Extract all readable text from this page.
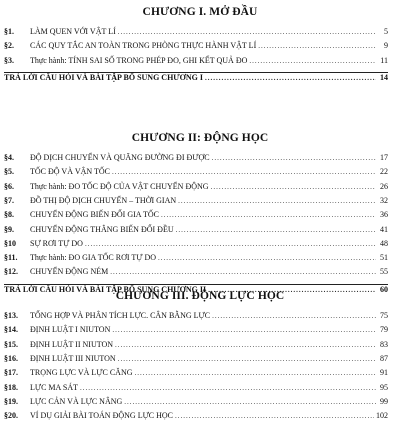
CHƯƠNG I. MỞ ĐẦU
§1.	LÀM QUEN VỚI VẬT LÍ .....	5
§2.	CÁC QUY TẮC AN TOÀN TRONG PHÒNG THỰC HÀNH VẬT LÍ .....	9
§3.	Thực hành: TÍNH SAI SỐ TRONG PHÉP ĐO, GHI KẾT QUẢ ĐO .....	11
TRẢ LỜI CÂU HỎI VÀ BÀI TẬP BỔ SUNG CHƯƠNG I .....	14
CHƯƠNG II: ĐỘNG HỌC
§4.	ĐỘ DỊCH CHUYỂN VÀ QUÃNG ĐƯỜNG ĐI ĐƯỢC .....	17
§5.	TỐC ĐỘ VÀ VẬN TỐC .....	22
§6.	Thực hành: ĐO TỐC ĐỘ CỦA VẬT CHUYỂN ĐỘNG .....	26
§7.	ĐỒ THỊ ĐỘ DỊCH CHUYỂN – THỜI GIAN .....	32
§8.	CHUYỂN ĐỘNG BIẾN ĐỔI GIA TỐC .....	36
§9.	CHUYỂN ĐỘNG THẲNG BIẾN ĐỔI ĐỀU .....	41
§10	SỰ RƠI TỰ DO .....	48
§11.	Thực hành: ĐO GIA TỐC RƠI TỰ DO .....	51
§12.	CHUYỂN ĐỘNG NÉM .....	55
TRẢ LỜI CÂU HỎI VÀ BÀI TẬP BỔ SUNG CHƯƠNG II .....	60
CHƯƠNG III. ĐỘNG LỰC HỌC
§13.	TỔNG HỢP VÀ PHÂN TÍCH LỰC. CÂN BẰNG LỰC .....	75
§14.	ĐỊNH LUẬT I NIUTON .....	79
§15.	ĐỊNH LUẬT II NIUTON .....	83
§16.	ĐỊNH LUẬT III NIUTON .....	87
§17.	TRỌNG LỰC VÀ LỰC CĂNG .....	91
§18.	LỰC MA SÁT .....	95
§19.	LỰC CẢN VÀ LỰC NÂNG .....	99
§20.	VÍ DỤ GIẢI BÀI TOÁN ĐỘNG LỰC HỌC .....	102
